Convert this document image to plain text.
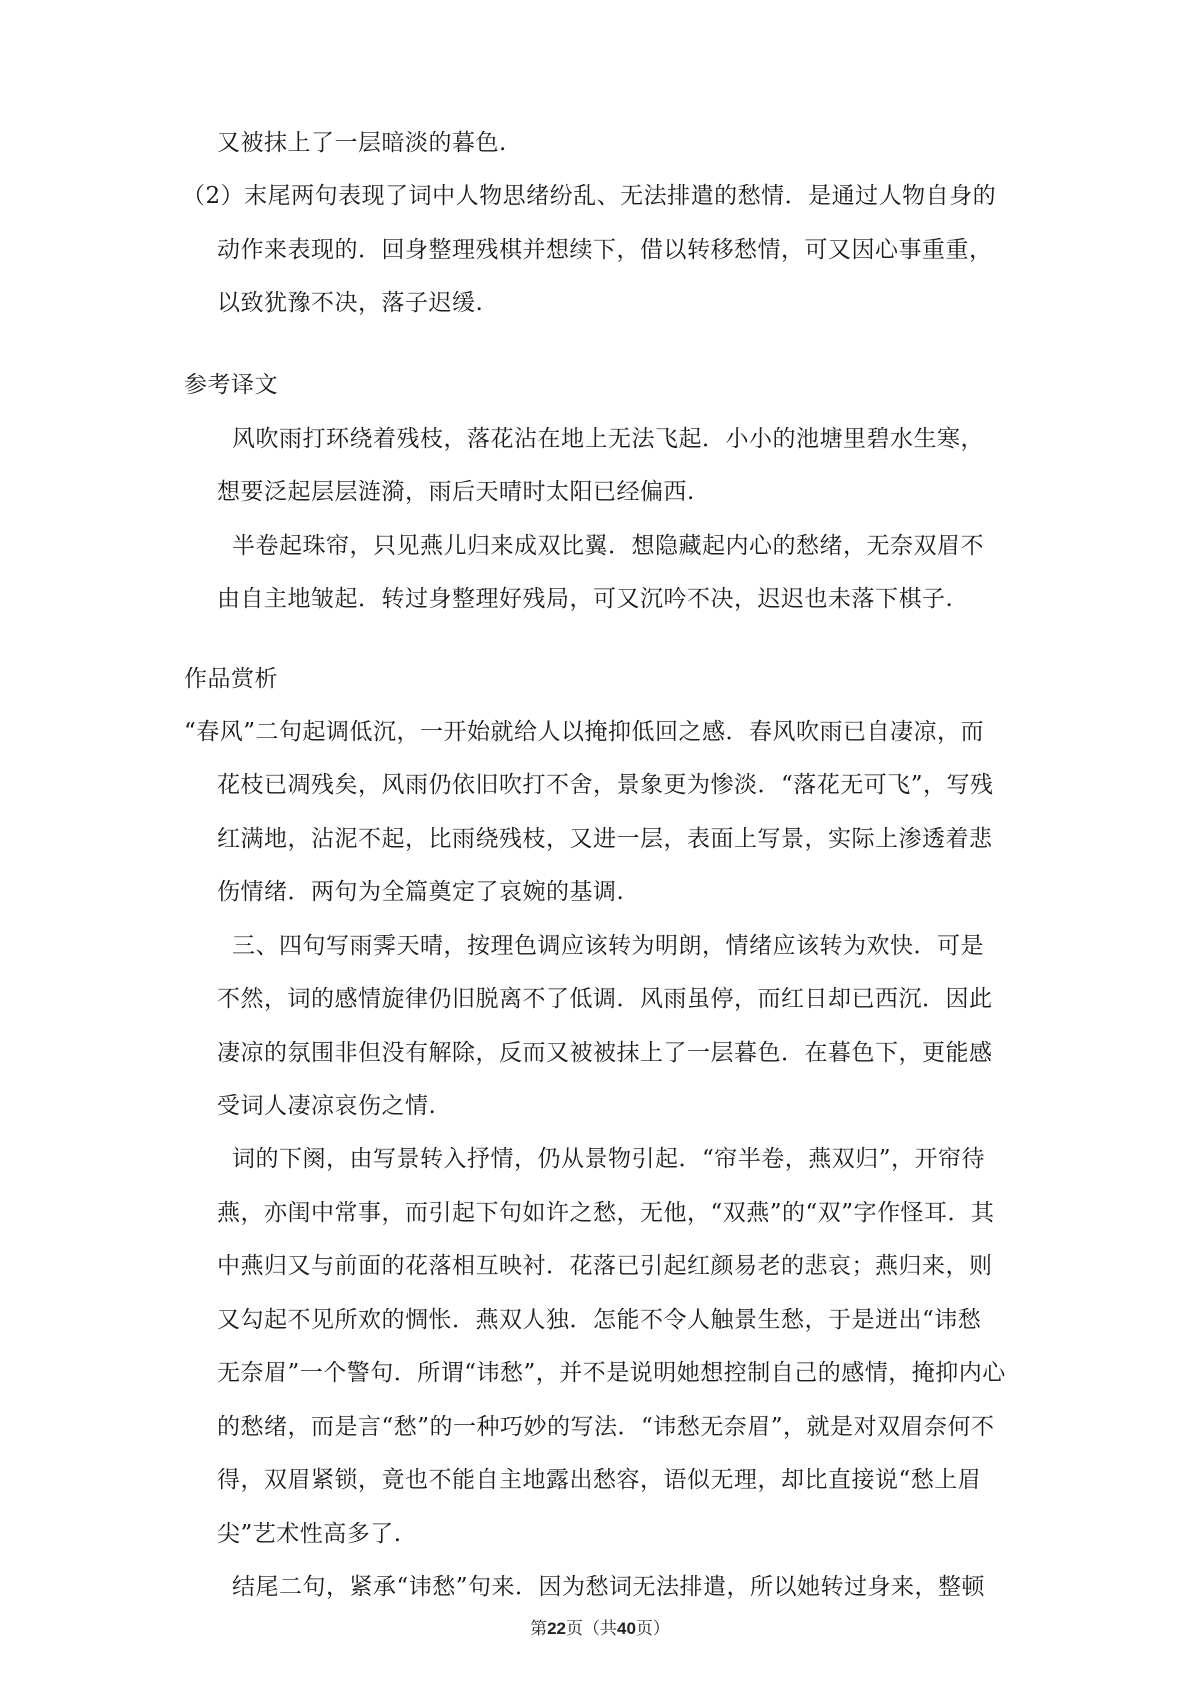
又被抹上了一层暗淡的暮色.
（2）末尾两句表现了词中人物思绪纷乱、无法排遣的愁情．是通过人物自身的
动作来表现的．回身整理残棋并想续下，借以转移愁情，可又因心事重重，
以致犹豫不决，落子迟缓.
参考译文
风吹雨打环绕着残枝，落花沾在地上无法飞起．小小的池塘里碧水生寒，
想要泛起层层涟漪，雨后天晴时太阳已经偏西.
半卷起珠帘，只见燕儿归来成双比翼．想隐藏起内心的愁绪，无奈双眉不
由自主地皱起．转过身整理好残局，可又沉吟不决，迟迟也未落下棋子.
作品赏析
“春风”二句起调低沉，一开始就给人以掩抑低回之感．春风吹雨已自凄凉，而
花枝已凋残矣，风雨仍依旧吹打不舍，景象更为惨淡．“落花无可飞”，写残
红满地，沾泥不起，比雨绕残枝，又进一层，表面上写景，实际上渗透着悲
伤情绪．两句为全篇奠定了哀婉的基调.
三、四句写雨霁天晴，按理色调应该转为明朗，情绪应该转为欢快．可是
不然，词的感情旋律仍旧脱离不了低调．风雨虽停，而红日却已西沉．因此
凄凉的氛围非但没有解除，反而又被被抹上了一层暮色．在暮色下，更能感
受词人凄凉哀伤之情.
词的下阕，由写景转入抒情，仍从景物引起．“帘半卷，燕双归”，开帘待
燕，亦闺中常事，而引起下句如许之愁，无他，“双燕”的“双”字作怪耳．其
中燕归又与前面的花落相互映衬．花落已引起红颜易老的悲哀；燕归来，则
又勾起不见所欢的惆怅．燕双人独．怎能不令人触景生愁，于是迸出“讳愁
无奈眉”一个警句．所谓“讳愁”，并不是说明她想控制自己的感情，掩抑内心
的愁绪，而是言“愁”的一种巧妙的写法．“讳愁无奈眉”，就是对双眉奈何不
得，双眉紧锁，竟也不能自主地露出愁容，语似无理，却比直接说“愁上眉
尖”艺术性高多了.
结尾二句，紧承“讳愁”句来．因为愁词无法排遣，所以她转过身来，整顿
第22页（共40页）
